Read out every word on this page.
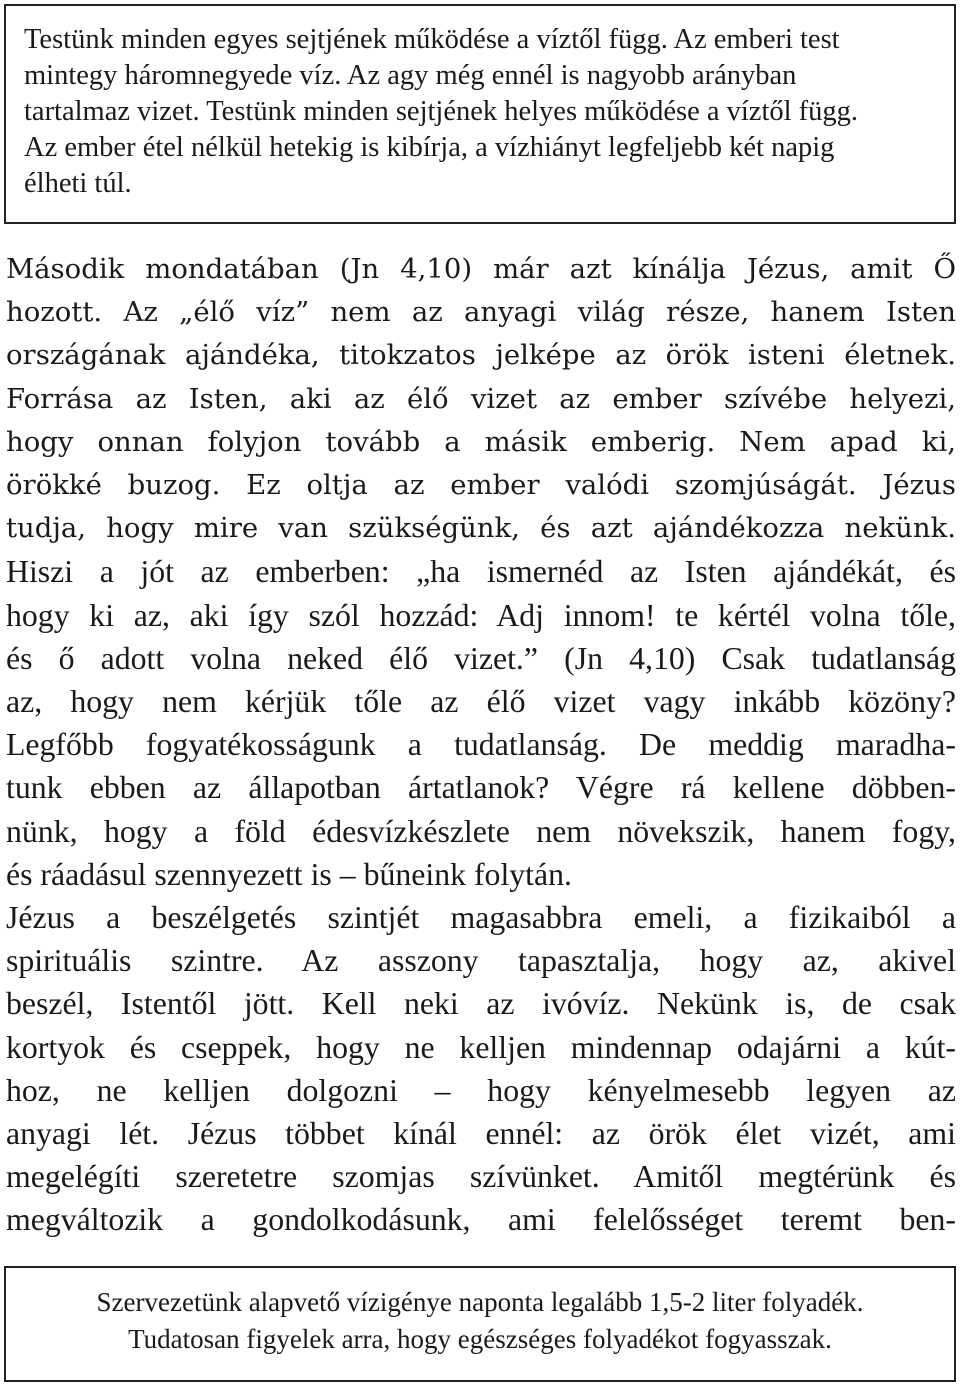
Testünk minden egyes sejtjének működése a víztől függ. Az emberi test
mintegy háromnegyede víz. Az agy még ennél is nagyobb arányban
tartalmaz vizet. Testünk minden sejtjének helyes működése a víztől függ.
Az ember étel nélkül hetekig is kibírja, a vízhiányt legfeljebb két napig
élheti túl.
Második mondatában (Jn 4,10) már azt kínálja Jézus, amit Ő
hozott. Az „élő víz” nem az anyagi világ része, hanem Isten
országának ajándéka, titokzatos jelképe az örök isteni életnek.
Forrása az Isten, aki az élő vizet az ember szívébe helyezi,
hogy onnan folyjon tovább a másik emberig. Nem apad ki,
örökké buzog. Ez oltja az ember valódi szomjúságát. Jézus
tudja, hogy mire van szükségünk, és azt ajándékozza nekünk.
Hiszi a jót az emberben: „ha ismernéd az Isten ajándékát, és
hogy ki az, aki így szól hozzád: Adj innom! te kértél volna tőle,
és ő adott volna neked élő vizet.” (Jn 4,10) Csak tudatlanság
az, hogy nem kérjük tőle az élő vizet vagy inkább közöny?
Legfőbb fogyatékosságunk a tudatlanság. De meddig maradha-
tunk ebben az állapotban ártatlanok? Végre rá kellene döbben-
nünk, hogy a föld édesvízkészlete nem növekszik, hanem fogy,
és ráadásul szennyezett is – bűneink folytán.
Jézus a beszélgetés szintjét magasabbra emeli, a fizikaiból a
spirituális szintre. Az asszony tapasztalja, hogy az, akivel
beszél, Istentől jött. Kell neki az ivóvíz. Nekünk is, de csak
kortyok és cseppek, hogy ne kelljen mindennap odajárni a kút-
hoz, ne kelljen dolgozni – hogy kényelmesebb legyen az
anyagi lét. Jézus többet kínál ennél: az örök élet vizét, ami
megelégíti szeretetre szomjas szívünket. Amitől megtérünk és
megváltozik a gondolkodásunk, ami felelősséget teremt ben-
Szervezetünk alapvető vízigénye naponta legalább 1,5-2 liter folyadék.
Tudatosan figyelek arra, hogy egészséges folyadékot fogyasszak.
